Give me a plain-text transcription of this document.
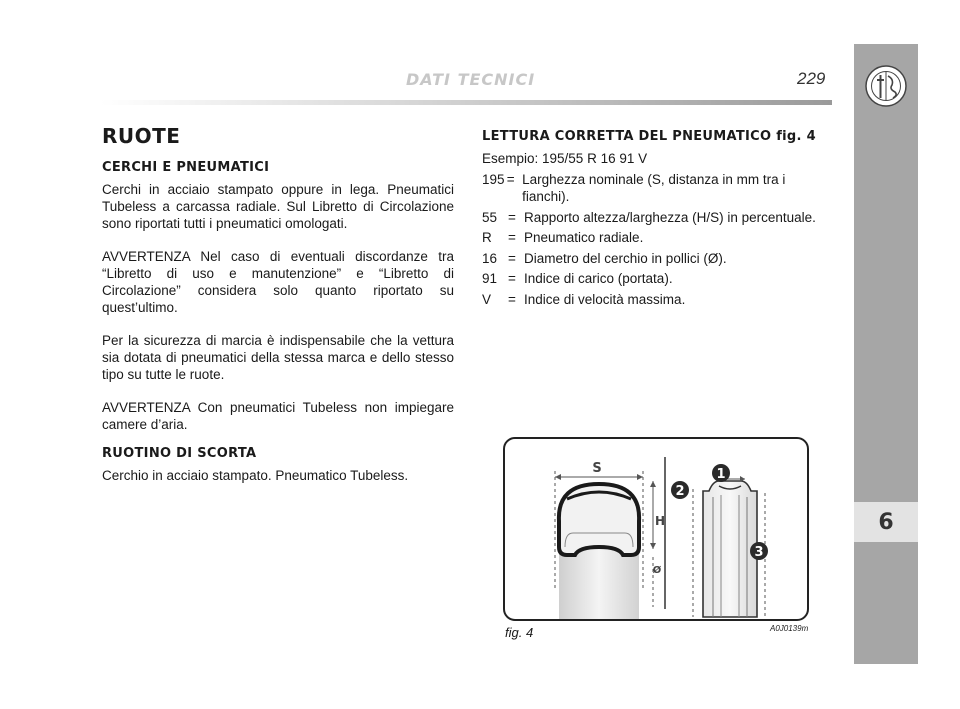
DATI TECNICI	229
6
RUOTE
CERCHI E PNEUMATICI

Cerchi in acciaio stampato oppure in lega. Pneumatici Tubeless a carcassa radiale. Sul Libretto di Circolazione sono riportati tutti i pneumatici omologati.

AVVERTENZA Nel caso di eventuali discordanze tra “Libretto di uso e manutenzione” e “Libretto di Circolazione” considera solo quanto riportato su quest’ultimo.

Per la sicurezza di marcia è indispensabile che la vettura sia dotata di pneumatici della stessa marca e dello stesso tipo su tutte le ruote.

AVVERTENZA Con pneumatici Tubeless non impiegare camere d’aria.

RUOTINO DI SCORTA

Cerchio in acciaio stampato. Pneumatico Tubeless.

LETTURA CORRETTA DEL PNEUMATICO fig. 4
Esempio: 195/55 R 16 91 V
195 = Larghezza nominale (S, distanza in mm tra i fianchi).
55 = Rapporto altezza/larghezza (H/S) in percentuale.
R	= Pneumatico radiale.
16 = Diametro del cerchio in pollici (Ø).
91 = Indice di carico (portata).
V	= Indice di velocità massima.
S
H
Ø
1
2
3
fig. 4	A0J0139m
